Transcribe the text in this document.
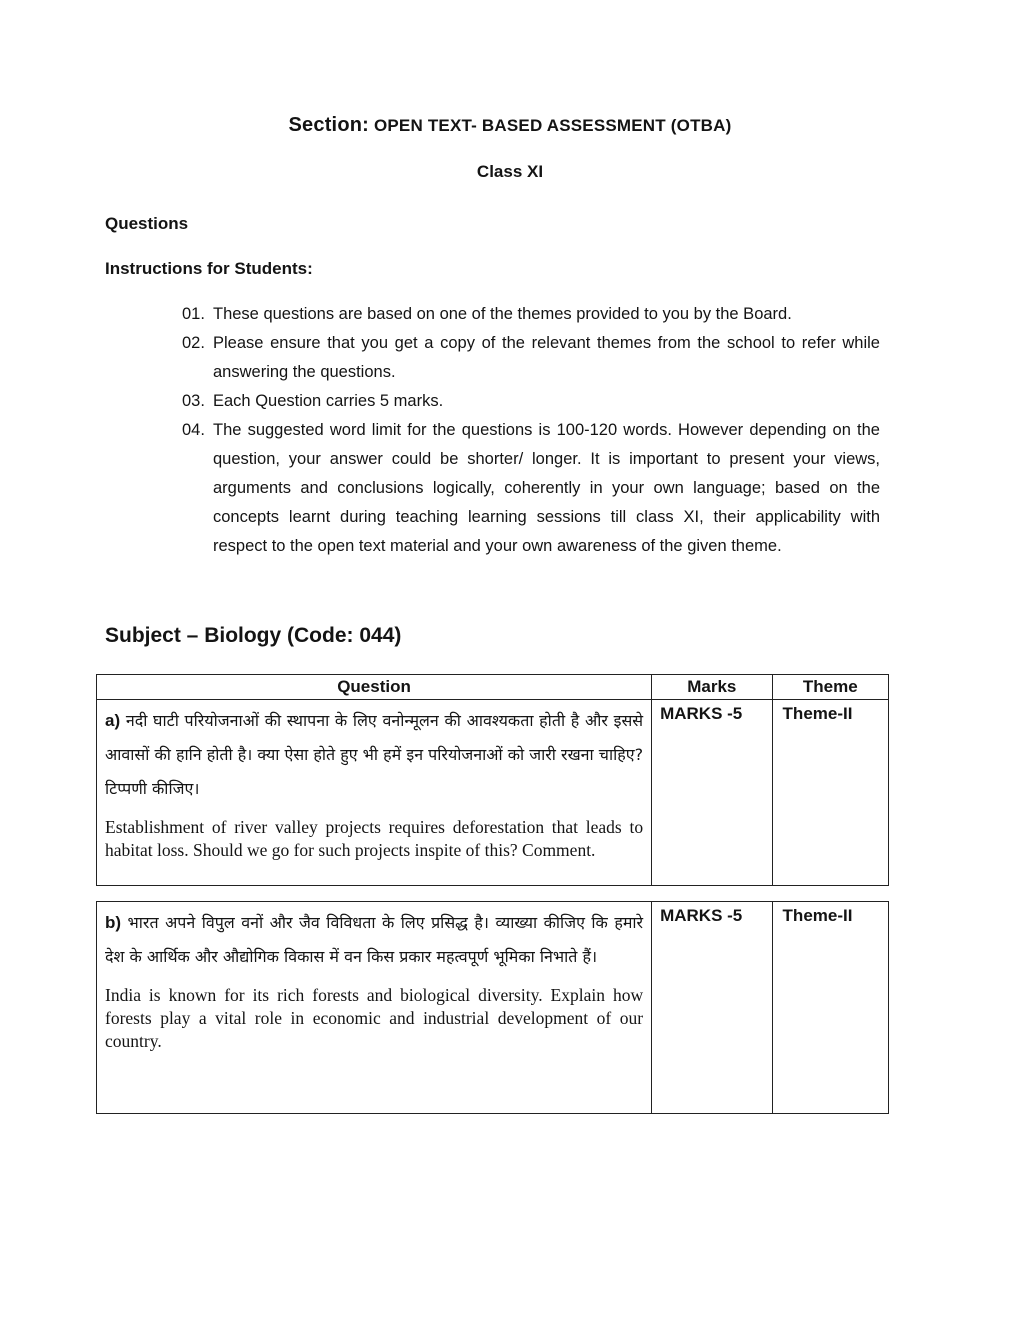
Section: OPEN TEXT- BASED ASSESSMENT (OTBA)
Class XI
Questions
Instructions for Students:
01. These questions are based on one of the themes provided to you by the Board.
02. Please ensure that you get a copy of the relevant themes from the school to refer while answering the questions.
03. Each Question carries 5 marks.
04. The suggested word limit for the questions is 100-120 words. However depending on the question, your answer could be shorter/ longer. It is important to present your views, arguments and conclusions logically, coherently in your own language; based on the concepts learnt during teaching learning sessions till class XI, their applicability with respect to the open text material and your own awareness of the given theme.
Subject – Biology (Code: 044)
Question	Marks	Theme

a) नदी घाटी परियोजनाओं की स्थापना के लिए वनोन्मूलन की आवश्यकता होती है और इससे आवासों की हानि होती है। क्या ऐसा होते हुए भी हमें इन परियोजनाओं को जारी रखना चाहिए? टिप्पणी कीजिए।
Establishment of river valley projects requires deforestation that leads to habitat loss. Should we go for such projects inspite of this? Comment.	MARKS -5	Theme-II
b) भारत अपने विपुल वनों और जैव विविधता के लिए प्रसिद्ध है। व्याख्या कीजिए कि हमारे देश के आर्थिक और औद्योगिक विकास में वन किस प्रकार महत्वपूर्ण भूमिका निभाते हैं।
India is known for its rich forests and biological diversity. Explain how forests play a vital role in economic and industrial development of our country.
	MARKS -5	Theme-II
